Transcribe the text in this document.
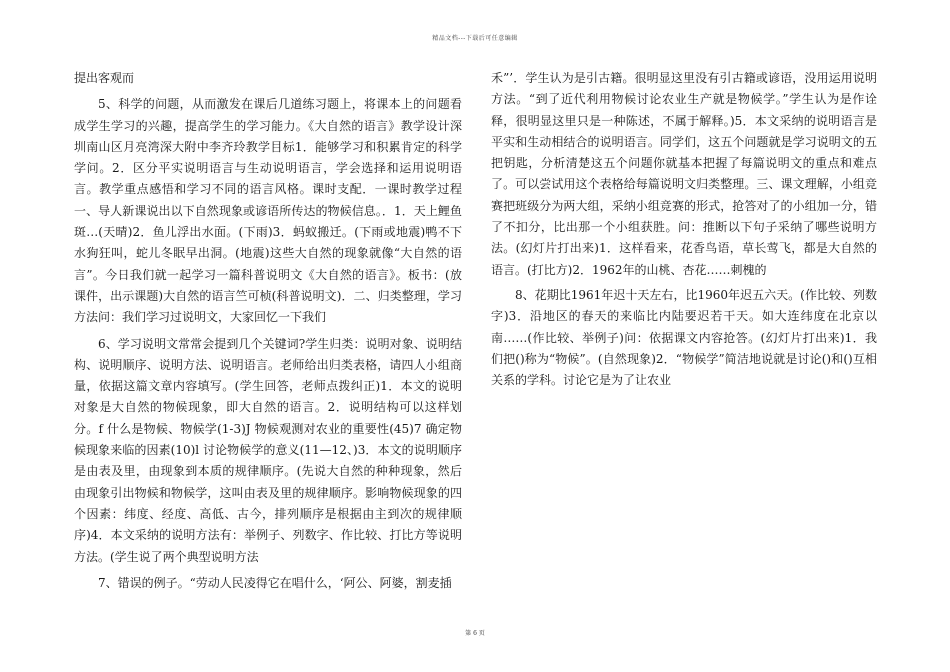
精品文档---下载后可任意编辑

提出客观而

5、科学的问题，从而激发在课后几道练习题上，将课本上的问题看成学生学习的兴趣，提高学生的学习能力。《大自然的语言》教学设计深圳南山区月亮湾深大附中李齐玲教学目标1．能够学习和积累肯定的科学学问。2．区分平实说明语言与生动说明语言，学会选择和运用说明语言。教学重点感悟和学习不同的语言风格。课时支配．一课时教学过程一、导人新课说出以下自然现象或谚语所传达的物候信息。．1．天上鲤鱼斑…(天晴)2．鱼儿浮出水面。(下雨)3．蚂蚁搬迁。(下雨或地震)鸭不下水狗狂叫，蛇儿冬眠早出洞。(地震)这些大自然的现象就像“大自然的语言”。今日我们就一起学习一篇科普说明文《大自然的语言》。板书：(放课件，出示课题)大自然的语言竺可桢(科普说明文)．二、归类整理，学习方法问：我们学习过说明文，大家回忆一下我们

6、学习说明文常常会提到几个关键词?学生归类：说明对象、说明结构、说明顺序、说明方法、说明语言。老师给出归类表格，请四人小组商量，依据这篇文章内容填写。(学生回答，老师点拨纠正)1．本文的说明对象是大自然的物候现象，即大自然的语言。2．说明结构可以这样划分。f 什么是物候、物候学(1-3)J 物候观测对农业的重要性(45)7 确定物候现象来临的因素(10)l 讨论物候学的意义(11—12、)3．本文的说明顺序是由表及里，由现象到本质的规律顺序。(先说大自然的种种现象，然后由现象引出物候和物候学，这叫由表及里的规律顺序。影响物候现象的四个因素：纬度、经度、高低、古今，排列顺序是根据由主到次的规律顺序)4．本文采纳的说明方法有：举例子、列数字、作比较、打比方等说明方法。(学生说了两个典型说明方法

7、错误的例子。“劳动人民凌得它在唱什么，‘阿公、阿婆，割麦插

禾”’．学生认为是引古籍。很明显这里没有引古籍或谚语，没用运用说明方法。“到了近代利用物候讨论农业生产就是物候学。”学生认为是作诠释，很明显这里只是一种陈述，不属于解释。)5．本文采纳的说明语言是平实和生动相结合的说明语言。同学们，这五个问题就是学习说明文的五把钥匙，分析清楚这五个问题你就基本把握了每篇说明文的重点和难点了。可以尝试用这个表格给每篇说明文归类整理。三、课文理解，小组竞赛把班级分为两大组，采纳小组竞赛的形式，抢答对了的小组加一分，错了不扣分，比出那一个小组获胜。问：推断以下句子采纳了哪些说明方法。(幻灯片打出来)1．这样看来，花香鸟语，草长莺飞，都是大自然的语言。(打比方)2．1962年的山桃、杏花……刺槐的

8、花期比1961年迟十天左右，比1960年迟五六天。(作比较、列数字)3．沿地区的春天的来临比内陆要迟若干天。如大连纬度在北京以南……(作比较、举例子)问：依据课文内容抢答。(幻灯片打出来)1．我们把()称为“物候”。(自然现象)2．“物候学”简洁地说就是讨论()和()互相关系的学科。讨论它是为了让农业

第 6 页
